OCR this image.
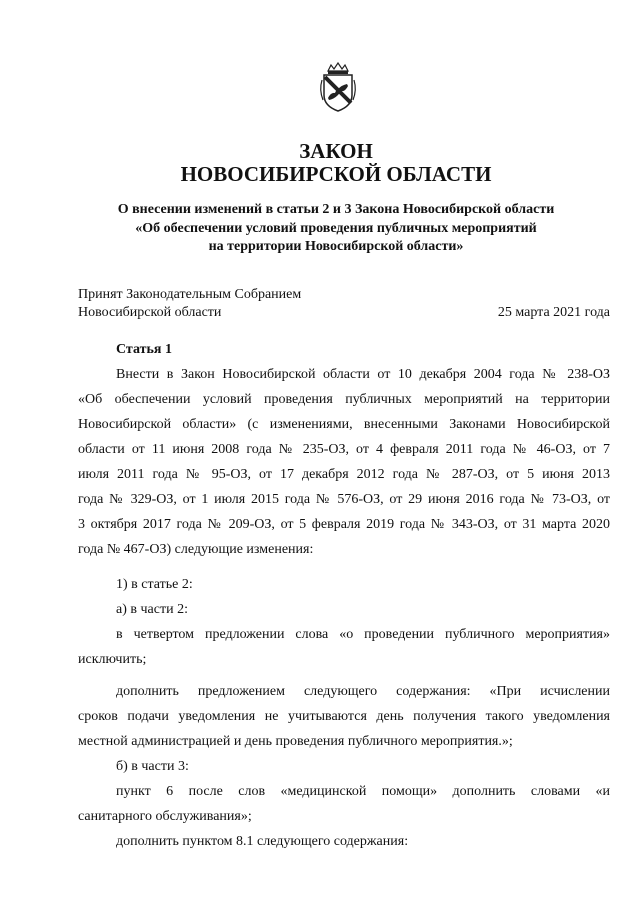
ЗАКОН
НОВОСИБИРСКОЙ ОБЛАСТИ
О внесении изменений в статьи 2 и 3 Закона Новосибирской области
«Об обеспечении условий проведения публичных мероприятий
на территории Новосибирской области»
Принят Законодательным Собранием
Новосибирской области	25 марта 2021 года
Статья 1
Внести в Закон Новосибирской области от 10 декабря 2004 года № 238-ОЗ
«Об обеспечении условий проведения публичных мероприятий на территории
Новосибирской области» (с изменениями, внесенными Законами Новосибирской
области от 11 июня 2008 года № 235-ОЗ, от 4 февраля 2011 года № 46-ОЗ, от 7
июля 2011 года № 95-ОЗ, от 17 декабря 2012 года № 287-ОЗ, от 5 июня 2013
года № 329-ОЗ, от 1 июля 2015 года № 576-ОЗ, от 29 июня 2016 года № 73-ОЗ, от
3 октября 2017 года № 209-ОЗ, от 5 февраля 2019 года № 343-ОЗ, от 31 марта 2020
года № 467-ОЗ) следующие изменения:
1) в статье 2:
а) в части 2:
в четвертом предложении слова «о проведении публичного мероприятия»
исключить;
дополнить предложением следующего содержания: «При исчислении
сроков подачи уведомления не учитываются день получения такого уведомления
местной администрацией и день проведения публичного мероприятия.»;
б) в части 3:
пункт 6 после слов «медицинской помощи» дополнить словами «и
санитарного обслуживания»;
дополнить пунктом 8.1 следующего содержания:
